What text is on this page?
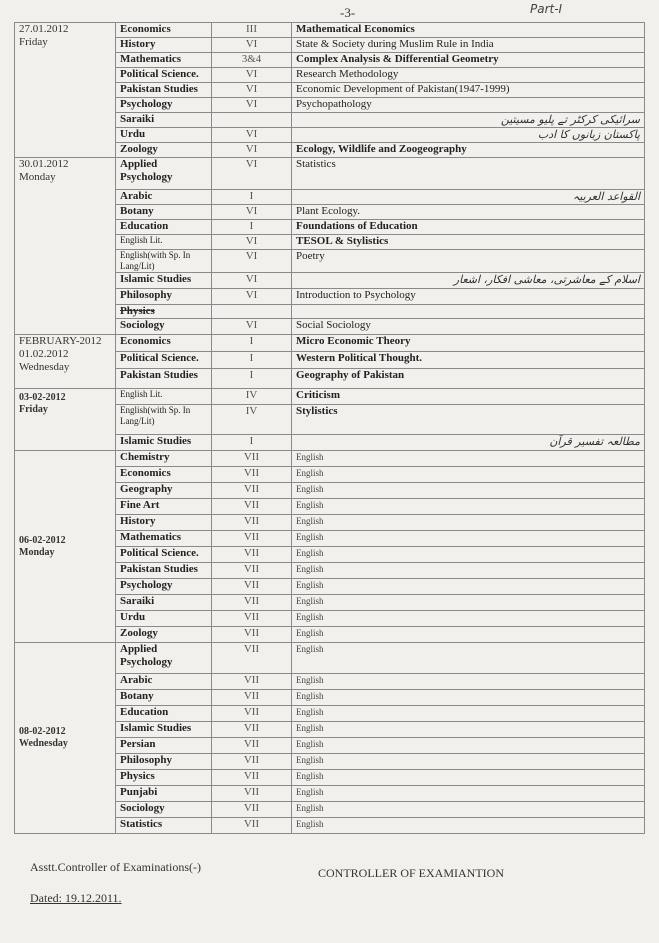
-3-	Part-I
27.01.2012
Friday	Economics	III	Mathematical Economics
	History	VI	State & Society during Muslim Rule in India
	Mathematics	3&4	Complex Analysis & Differential Geometry
	Political Science.	VI	Research Methodology
	Pakistan Studies	VI	Economic Development of Pakistan(1947-1999)
	Psychology	VI	Psychopathology
	Saraiki		سرائیکی کرکٹر تے پلیو مسیتین
	Urdu	VI	پاکستان زبانوں کا ادب
	Zoology	VI	Ecology, Wildlife and Zoogeography

30.01.2012
Monday	Applied Psychology	VI	Statistics
	Arabic	I	القواعد العربیہ
	Botany	VI	Plant Ecology.
	Education	I	Foundations of Education
	English Lit.	VI	TESOL & Stylistics
	English(with Sp. In Lang/Lit)	VI	Poetry
	Islamic Studies	VI	اسلام کے معاشرتی، معاشی افکار، اشعار
	Philosophy	VI	Introduction to Psychology
	Physics		
	Sociology	VI	Social Sociology

FEBRUARY-2012
01.02.2012
Wednesday	Economics	I	Micro Economic Theory
	Political Science.	I	Western Political Thought.
	Pakistan Studies	I	Geography of Pakistan

03-02-2012
Friday	English Lit.	IV	Criticism
	English(with Sp. In Lang/Lit)	IV	Stylistics
	Islamic Studies	I	مطالعہ تفسیر قرآن

06-02-2012
Monday	Chemistry	VII	English
	Economics	VII	English
	Geography	VII	English
	Fine Art	VII	English
	History	VII	English
	Mathematics	VII	English
	Political Science.	VII	English
	Pakistan Studies	VII	English
	Psychology	VII	English
	Saraiki	VII	English
	Urdu	VII	English
	Zoology	VII	English

08-02-2012
Wednesday	Applied Psychology	VII	English
	Arabic	VII	English
	Botany	VII	English
	Education	VII	English
	Islamic Studies	VII	English
	Persian	VII	English
	Philosophy	VII	English
	Physics	VII	English
	Punjabi	VII	English
	Sociology	VII	English
	Statistics	VII	English
Asstt.Controller of Examinations(-)	CONTROLLER OF EXAMIANTION
Dated: 19.12.2011.
